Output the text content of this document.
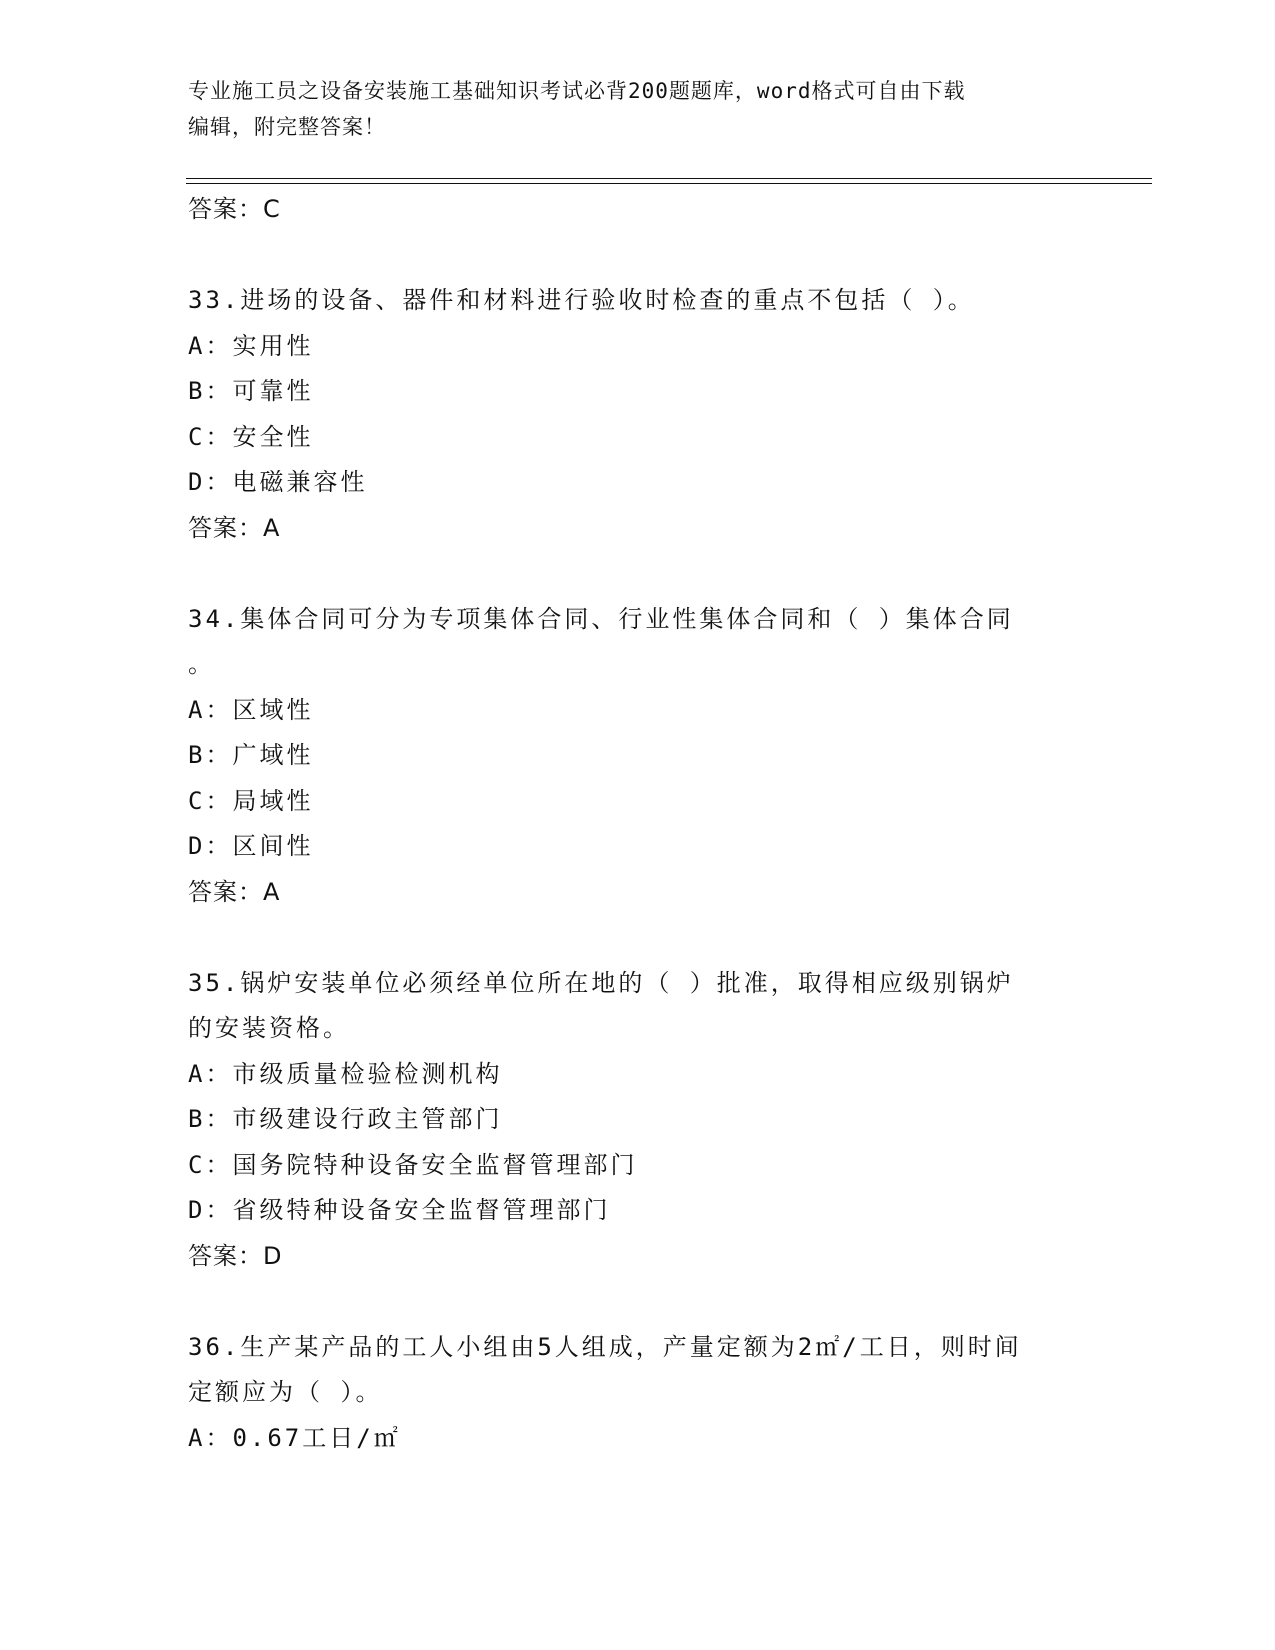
专业施工员之设备安装施工基础知识考试必背200题题库，word格式可自由下载
编辑，附完整答案！
答案：C
33.进场的设备、器件和材料进行验收时检查的重点不包括（ ）。
A：实用性
B：可靠性
C：安全性
D：电磁兼容性
答案：A
34.集体合同可分为专项集体合同、行业性集体合同和（ ）集体合同
。
A：区域性
B：广域性
C：局域性
D：区间性
答案：A
35.锅炉安装单位必须经单位所在地的（ ）批准，取得相应级别锅炉
的安装资格。
A：市级质量检验检测机构
B：市级建设行政主管部门
C：国务院特种设备安全监督管理部门
D：省级特种设备安全监督管理部门
答案：D
36.生产某产品的工人小组由5人组成，产量定额为2㎡/工日，则时间
定额应为（ ）。
A：0.67工日/㎡
